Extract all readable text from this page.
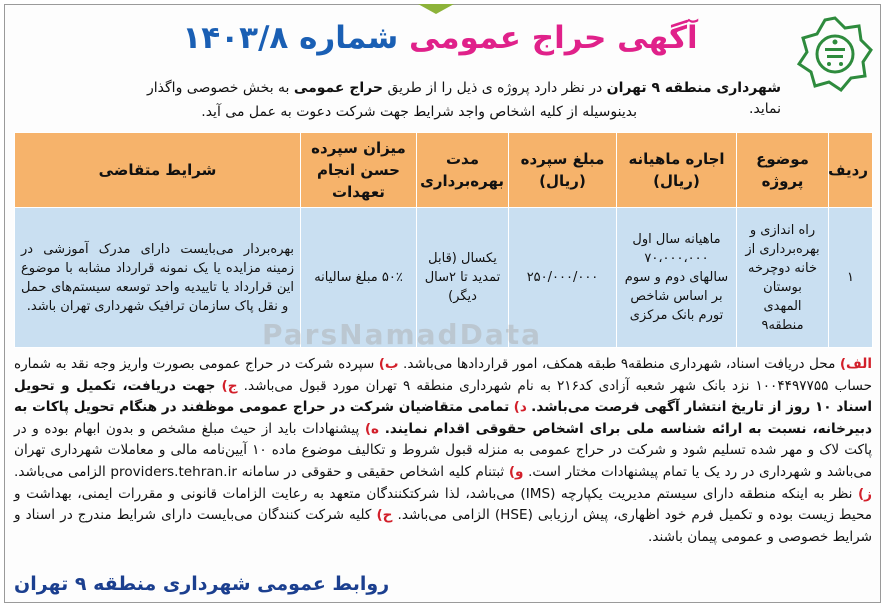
آگهی حراج عمومی شماره ۱۴۰۳/۸
شهرداری منطقه ۹ تهران در نظر دارد پروژه ی ذیل را از طریق حراج عمومی به بخش خصوصی واگذار نماید.
بدینوسیله از کلیه اشخاص واجد شرایط جهت شرکت دعوت به عمل می آید.
ردیف	موضوع پروژه	اجاره ماهیانه (ریال)	مبلغ سپرده (ریال)	مدت بهره‌برداری	میزان سپرده حسن انجام تعهدات	شرایط متقاضی
۱	راه اندازی و بهره‌برداری از خانه دوچرخه بوستان المهدی منطقه۹	ماهیانه سال اول ۷۰،۰۰۰،۰۰۰ سالهای دوم و سوم بر اساس شاخص تورم بانک مرکزی	۲۵۰/۰۰۰/۰۰۰	یکسال (قابل تمدید تا ۲سال دیگر)	۵۰٪ مبلغ سالیانه	بهره‌بردار می‌بایست دارای مدرک آموزشی در زمینه مزایده یا یک نمونه قرارداد مشابه با موضوع این قرارداد یا تاییدیه واحد توسعه سیستم‌های حمل و نقل پاک سازمان ترافیک شهرداری تهران باشد.
ParsNamadData
الف) محل دریافت اسناد، شهرداری منطقه۹ طبقه همکف، امور قراردادها می‌باشد. ب) سپرده شرکت در حراج عمومی بصورت واریز وجه نقد به شماره حساب ۱۰۰۴۴۹۷۷۵۵ نزد بانک شهر شعبه آزادی کد۲۱۶ به نام شهرداری منطقه ۹ تهران مورد قبول می‌باشد. ج) جهت دریافت، تکمیل و تحویل اسناد ۱۰ روز از تاریخ انتشار آگهی فرصت می‌باشد. د) تمامی متقاضیان شرکت در حراج عمومی موظفند در هنگام تحویل پاکات به دبیرخانه، نسبت به ارائه شناسه ملی برای اشخاص حقوقی اقدام نمایند. ه) پیشنهادات باید از حیث مبلغ مشخص و بدون ابهام بوده و در پاکت لاک و مهر شده تسلیم شود و شرکت در حراج عمومی به منزله قبول شروط و تکالیف موضوع ماده ۱۰ آیین‌نامه مالی و معاملات شهرداری تهران می‌باشد و شهرداری در رد یک یا تمام پیشنهادات مختار است. و) ثبتنام کلیه اشخاص حقیقی و حقوقی در سامانه providers.tehran.ir الزامی می‌باشد. ز) نظر به اینکه منطقه دارای سیستم مدیریت یکپارچه (IMS) می‌باشد، لذا شرکتکنندگان متعهد به رعایت الزامات قانونی و مقررات ایمنی، بهداشت و محیط زیست بوده و تکمیل فرم خود اظهاری، پیش ارزیابی (HSE) الزامی می‌باشد. ح) کلیه شرکت کنندگان می‌بایست دارای شرایط مندرج در اسناد و شرایط خصوصی و عمومی پیمان باشند.
روابط عمومی شهرداری منطقه ۹ تهران
